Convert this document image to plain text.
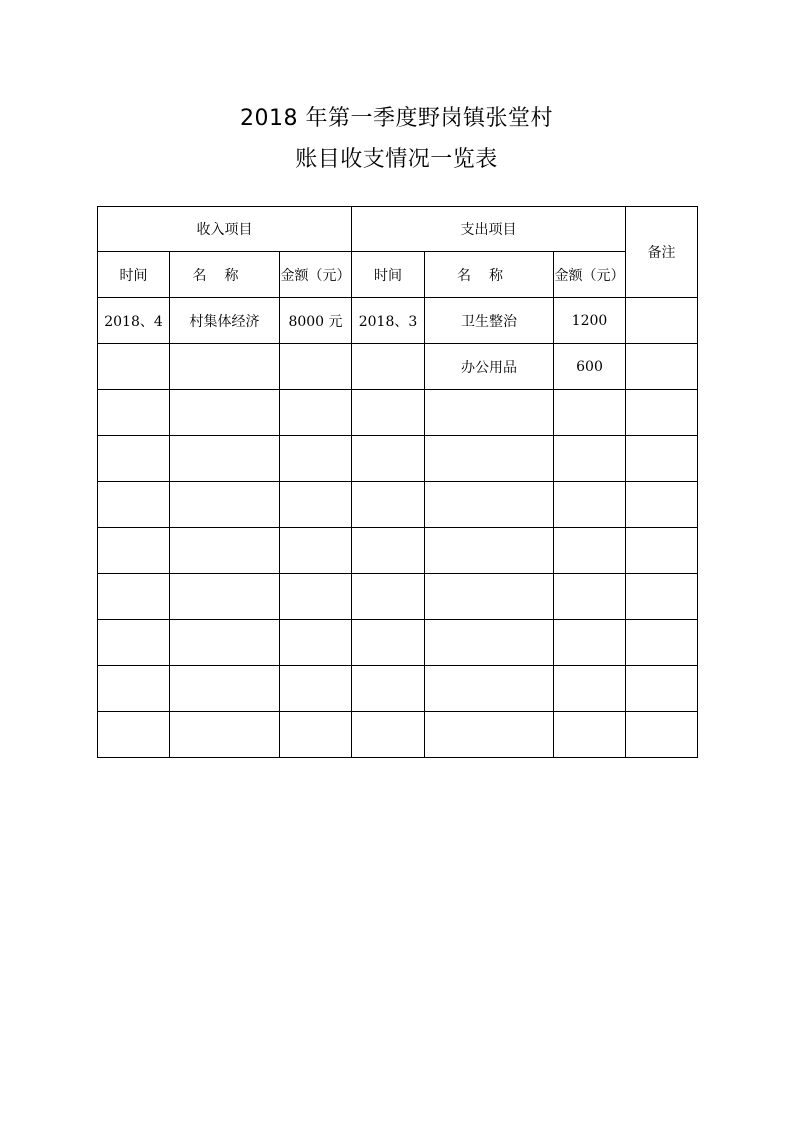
2018 年第一季度野岗镇张堂村
账目收支情况一览表
收入项目			支出项目			备注
时间	名称	金额（元）	时间	名称	金额（元）	
2018、4	村集体经济	8000 元	2018、3	卫生整治	1200	
				办公用品	600	
